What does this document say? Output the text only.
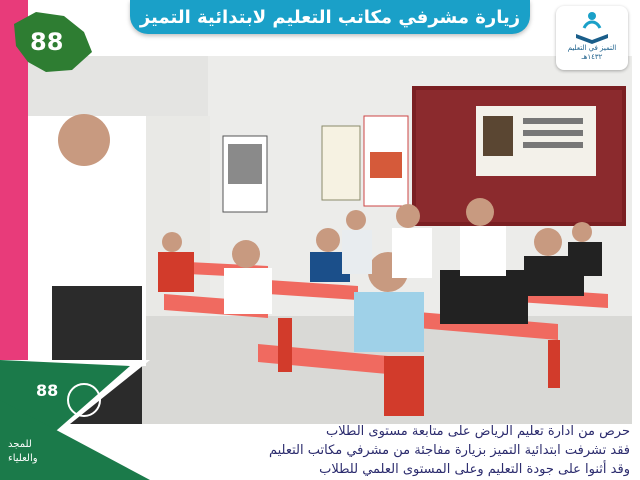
زيارة مشرفي مكاتب التعليم لابتدائية التميز
88	التميز في التعليم
١٤٣٢هـ
88
للمجد
والعلياء
حرص من ادارة تعليم الرياض على متابعة مستوى الطلاب
فقد تشرفت ابتدائية التميز بزيارة مفاجئة من مشرفي مكاتب التعليم
وقد أثنوا على جودة التعليم وعلى المستوى العلمي للطلاب
